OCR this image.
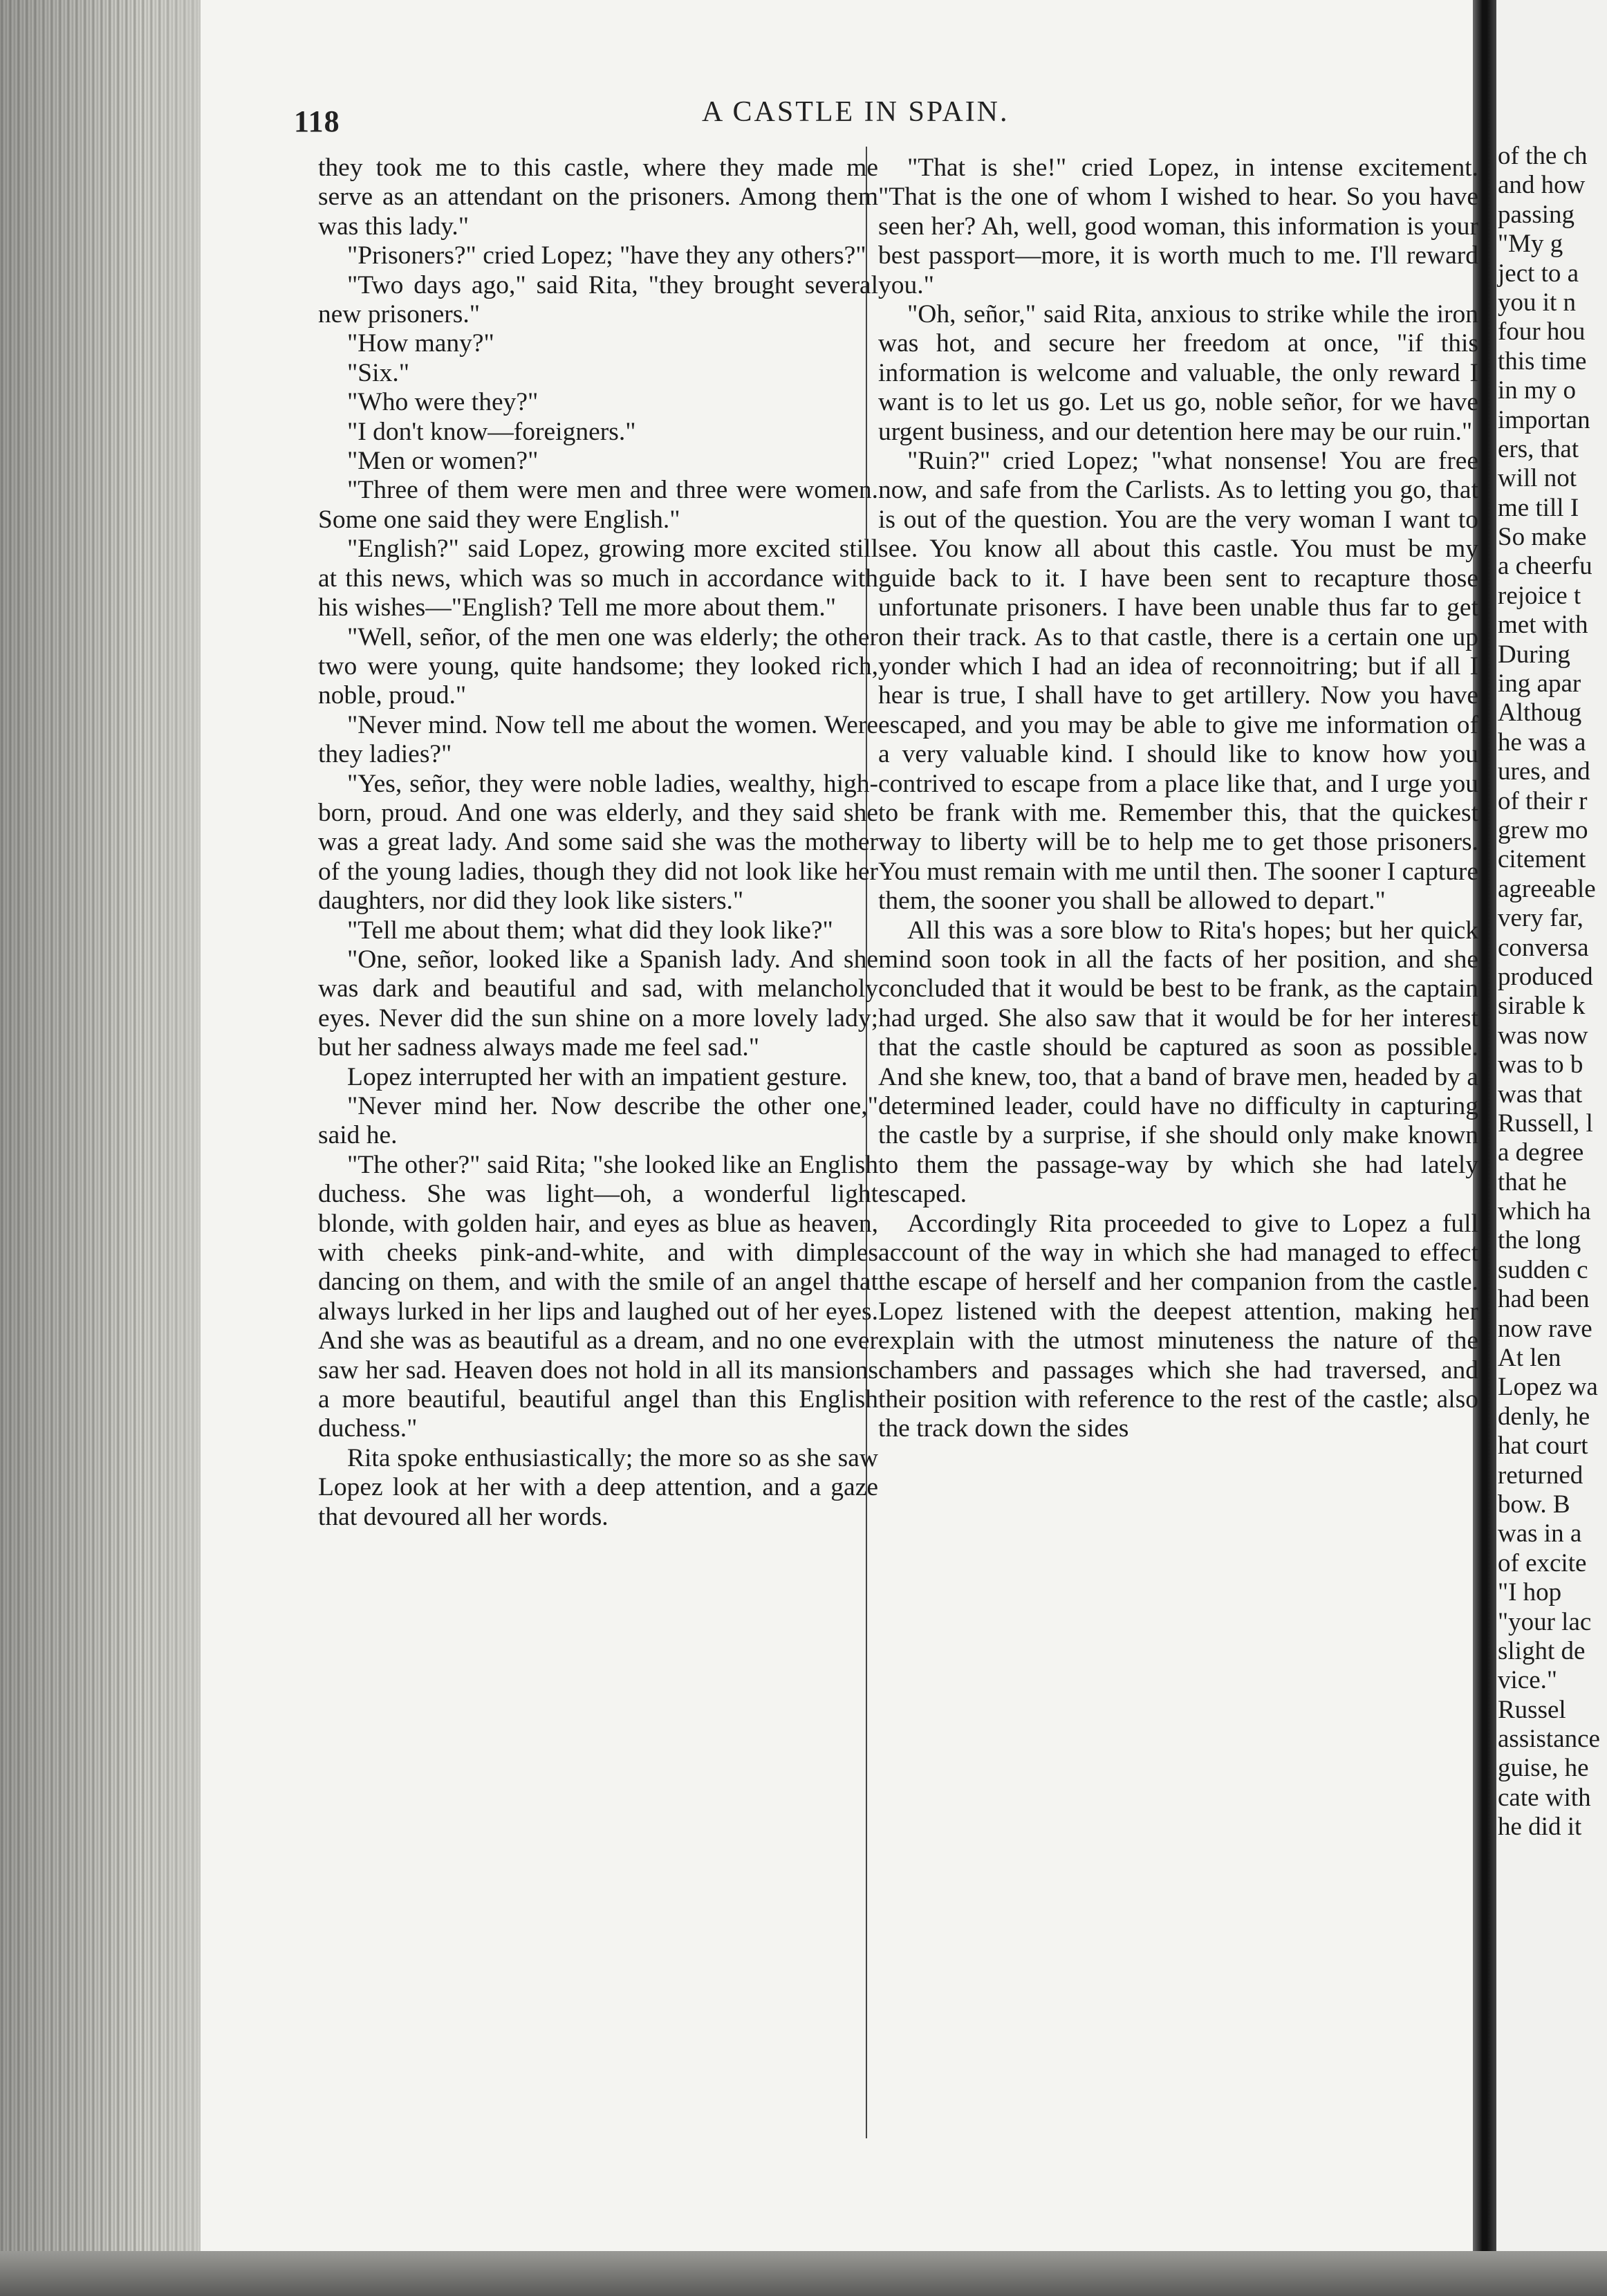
118	A CASTLE IN SPAIN.

they took me to this castle, where they made me serve as an attendant on the prisoners. Among them was this lady."

"Prisoners?" cried Lopez; "have they any others?"

"Two days ago," said Rita, "they brought several new prisoners."

"How many?"

"Six."

"Who were they?"

"I don't know—foreigners."

"Men or women?"

"Three of them were men and three were women. Some one said they were English."

"English?" said Lopez, growing more excited still at this news, which was so much in accordance with his wishes—"English? Tell me more about them."

"Well, señor, of the men one was elderly; the other two were young, quite handsome; they looked rich, noble, proud."

"Never mind. Now tell me about the women. Were they ladies?"

"Yes, señor, they were noble ladies, wealthy, high-born, proud. And one was elderly, and they said she was a great lady. And some said she was the mother of the young ladies, though they did not look like her daughters, nor did they look like sisters."

"Tell me about them; what did they look like?"

"One, señor, looked like a Spanish lady. And she was dark and beautiful and sad, with melancholy eyes. Never did the sun shine on a more lovely lady; but her sadness always made me feel sad."

Lopez interrupted her with an impatient gesture.

"Never mind her. Now describe the other one," said he.

"The other?" said Rita; "she looked like an English duchess. She was light—oh, a wonderful light blonde, with golden hair, and eyes as blue as heaven, with cheeks pink-and-white, and with dimples dancing on them, and with the smile of an angel that always lurked in her lips and laughed out of her eyes. And she was as beautiful as a dream, and no one ever saw her sad. Heaven does not hold in all its mansions a more beautiful, beautiful angel than this English duchess."

Rita spoke enthusiastically; the more so as she saw Lopez look at her with a deep attention, and a gaze that devoured all her words.

"That is she!" cried Lopez, in intense excitement. "That is the one of whom I wished to hear. So you have seen her? Ah, well, good woman, this information is your best passport—more, it is worth much to me. I'll reward you."

"Oh, señor," said Rita, anxious to strike while the iron was hot, and secure her freedom at once, "if this information is welcome and valuable, the only reward I want is to let us go. Let us go, noble señor, for we have urgent business, and our detention here may be our ruin."

"Ruin?" cried Lopez; "what nonsense! You are free now, and safe from the Carlists. As to letting you go, that is out of the question. You are the very woman I want to see. You know all about this castle. You must be my guide back to it. I have been sent to recapture those unfortunate prisoners. I have been unable thus far to get on their track. As to that castle, there is a certain one up yonder which I had an idea of reconnoitring; but if all I hear is true, I shall have to get artillery. Now you have escaped, and you may be able to give me information of a very valuable kind. I should like to know how you contrived to escape from a place like that, and I urge you to be frank with me. Remember this, that the quickest way to liberty will be to help me to get those prisoners. You must remain with me until then. The sooner I capture them, the sooner you shall be allowed to depart."

All this was a sore blow to Rita's hopes; but her quick mind soon took in all the facts of her position, and she concluded that it would be best to be frank, as the captain had urged. She also saw that it would be for her interest that the castle should be captured as soon as possible. And she knew, too, that a band of brave men, headed by a determined leader, could have no difficulty in capturing the castle by a surprise, if she should only make known to them the passage-way by which she had lately escaped.

Accordingly Rita proceeded to give to Lopez a full account of the way in which she had managed to effect the escape of herself and her companion from the castle. Lopez listened with the deepest attention, making her explain with the utmost minuteness the nature of the chambers and passages which she had traversed, and their position with reference to the rest of the castle; also the track down the sides

of the ch
and how
passing
"My g
ject to a
you it n
four hou
this time
in my o
importan
ers, that
will not
me till I
So make
a cheerfu
rejoice t
met with
During
ing apar
Althoug
he was a
ures, and
of their r
grew mo
citement
agreeable
very far,
conversa
produced
sirable k
was now
was to b
was that
Russell, l
a degree
that he
which ha
the long
sudden c
had been
now rave
At len
Lopez wa
denly, he
hat court
returned
bow. B
was in a
of excite
"I hop
"your lac
slight de
vice."
Russel
assistance
guise, he
cate with
he did it
